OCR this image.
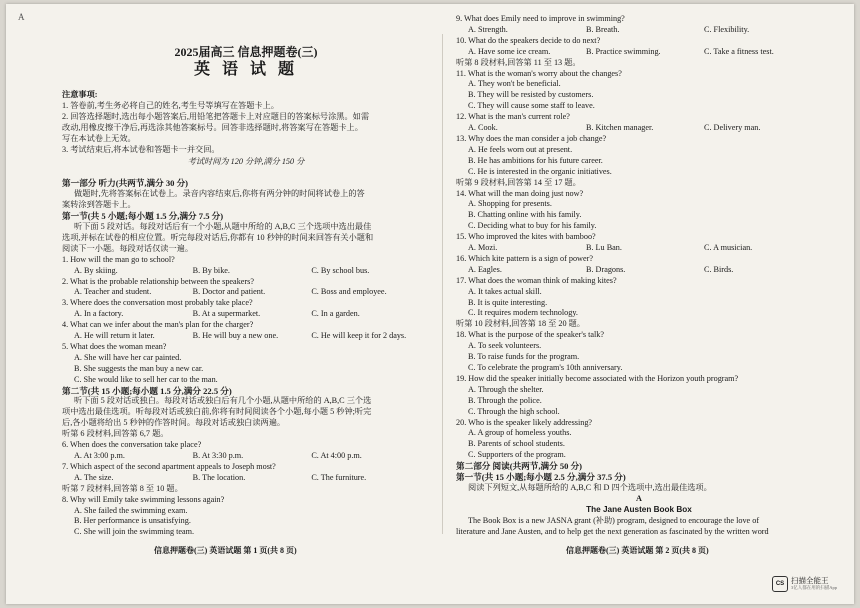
A
2025届高三 信息押题卷(三)
英 语 试 题
注意事项:
1. 答卷前,考生务必将自己的姓名,考生号等填写在答题卡上。
2. 回答选择题时,选出每小题答案后,用铅笔把答题卡上对应题目的答案标号涂黑。如需
改动,用橡皮擦干净后,再选涂其他答案标号。回答非选择题时,将答案写在答题卡上。
写在本试卷上无效。
3. 考试结束后,将本试卷和答题卡一并交回。
考试时间为 120 分钟,满分 150 分
第一部分 听力(共两节,满分 30 分)
做题时,先将答案标在试卷上。录音内容结束后,你将有两分钟的时间将试卷上的答
案转涂到答题卡上。
第一节(共 5 小题;每小题 1.5 分,满分 7.5 分)
听下面 5 段对话。每段对话后有一个小题,从题中所给的 A,B,C 三个选项中选出最佳
选项,并标在试卷的相应位置。听完每段对话后,你都有 10 秒钟的时间来回答有关小题和
阅读下一小题。每段对话仅读一遍。
1. How will the man go to school?
A. By skiing.	B. By bike.	C. By school bus.
2. What is the probable relationship between the speakers?
A. Teacher and student.	B. Doctor and patient.	C. Boss and employee.
3. Where does the conversation most probably take place?
A. In a factory.	B. At a supermarket.	C. In a garden.
4. What can we infer about the man's plan for the charger?
A. He will return it later.	B. He will buy a new one.	C. He will keep it for 2 days.
5. What does the woman mean?
A. She will have her car painted.
B. She suggests the man buy a new car.
C. She would like to sell her car to the man.
第二节(共 15 小题;每小题 1.5 分,满分 22.5 分)
听下面 5 段对话或独白。每段对话或独白后有几个小题,从题中所给的 A,B,C 三个选
项中选出最佳选项。听每段对话或独白前,你将有时间阅读各个小题,每小题 5 秒钟;听完
后,各小题将给出 5 秒钟的作答时间。每段对话或独白读两遍。
听第 6 段材料,回答第 6,7 题。
6. When does the conversation take place?
A. At 3:00 p.m.	B. At 3:30 p.m.	C. At 4:00 p.m.
7. Which aspect of the second apartment appeals to Joseph most?
A. The size.	B. The location.	C. The furniture.
听第 7 段材料,回答第 8 至 10 题。
8. Why will Emily take swimming lessons again?
A. She failed the swimming exam.
B. Her performance is unsatisfying.
C. She will join the swimming team.
9. What does Emily need to improve in swimming?
A. Strength.	B. Breath.	C. Flexibility.
10. What do the speakers decide to do next?
A. Have some ice cream.	B. Practice swimming.	C. Take a fitness test.
听第 8 段材料,回答第 11 至 13 题。
11. What is the woman's worry about the changes?
A. They won't be beneficial.
B. They will be resisted by customers.
C. They will cause some staff to leave.
12. What is the man's current role?
A. Cook.	B. Kitchen manager.	C. Delivery man.
13. Why does the man consider a job change?
A. He feels worn out at present.
B. He has ambitions for his future career.
C. He is interested in the organic initiatives.
听第 9 段材料,回答第 14 至 17 题。
14. What will the man doing just now?
A. Shopping for presents.
B. Chatting online with his family.
C. Deciding what to buy for his family.
15. Who improved the kites with bamboo?
A. Mozi.	B. Lu Ban.	C. A musician.
16. Which kite pattern is a sign of power?
A. Eagles.	B. Dragons.	C. Birds.
17. What does the woman think of making kites?
A. It takes actual skill.
B. It is quite interesting.
C. It requires modern technology.
听第 10 段材料,回答第 18 至 20 题。
18. What is the purpose of the speaker's talk?
A. To seek volunteers.
B. To raise funds for the program.
C. To celebrate the program's 10th anniversary.
19. How did the speaker initially become associated with the Horizon youth program?
A. Through the shelter.
B. Through the police.
C. Through the high school.
20. Who is the speaker likely addressing?
A. A group of homeless youths.
B. Parents of school students.
C. Supporters of the program.
第二部分 阅读(共两节,满分 50 分)
第一节(共 15 小题;每小题 2.5 分,满分 37.5 分)
阅读下列短文,从每题所给的 A,B,C 和 D 四个选项中,选出最佳选项。
A
The Jane Austen Book Box
The Book Box is a new JASNA grant (补助) program, designed to encourage the love of
literature and Jane Austen, and to help get the next generation as fascinated by the written word
信息押题卷(三) 英语试题 第 1 页(共 8 页)	信息押题卷(三) 英语试题 第 2 页(共 8 页)
CS 扫描全能王
3亿人都在用的扫描App
